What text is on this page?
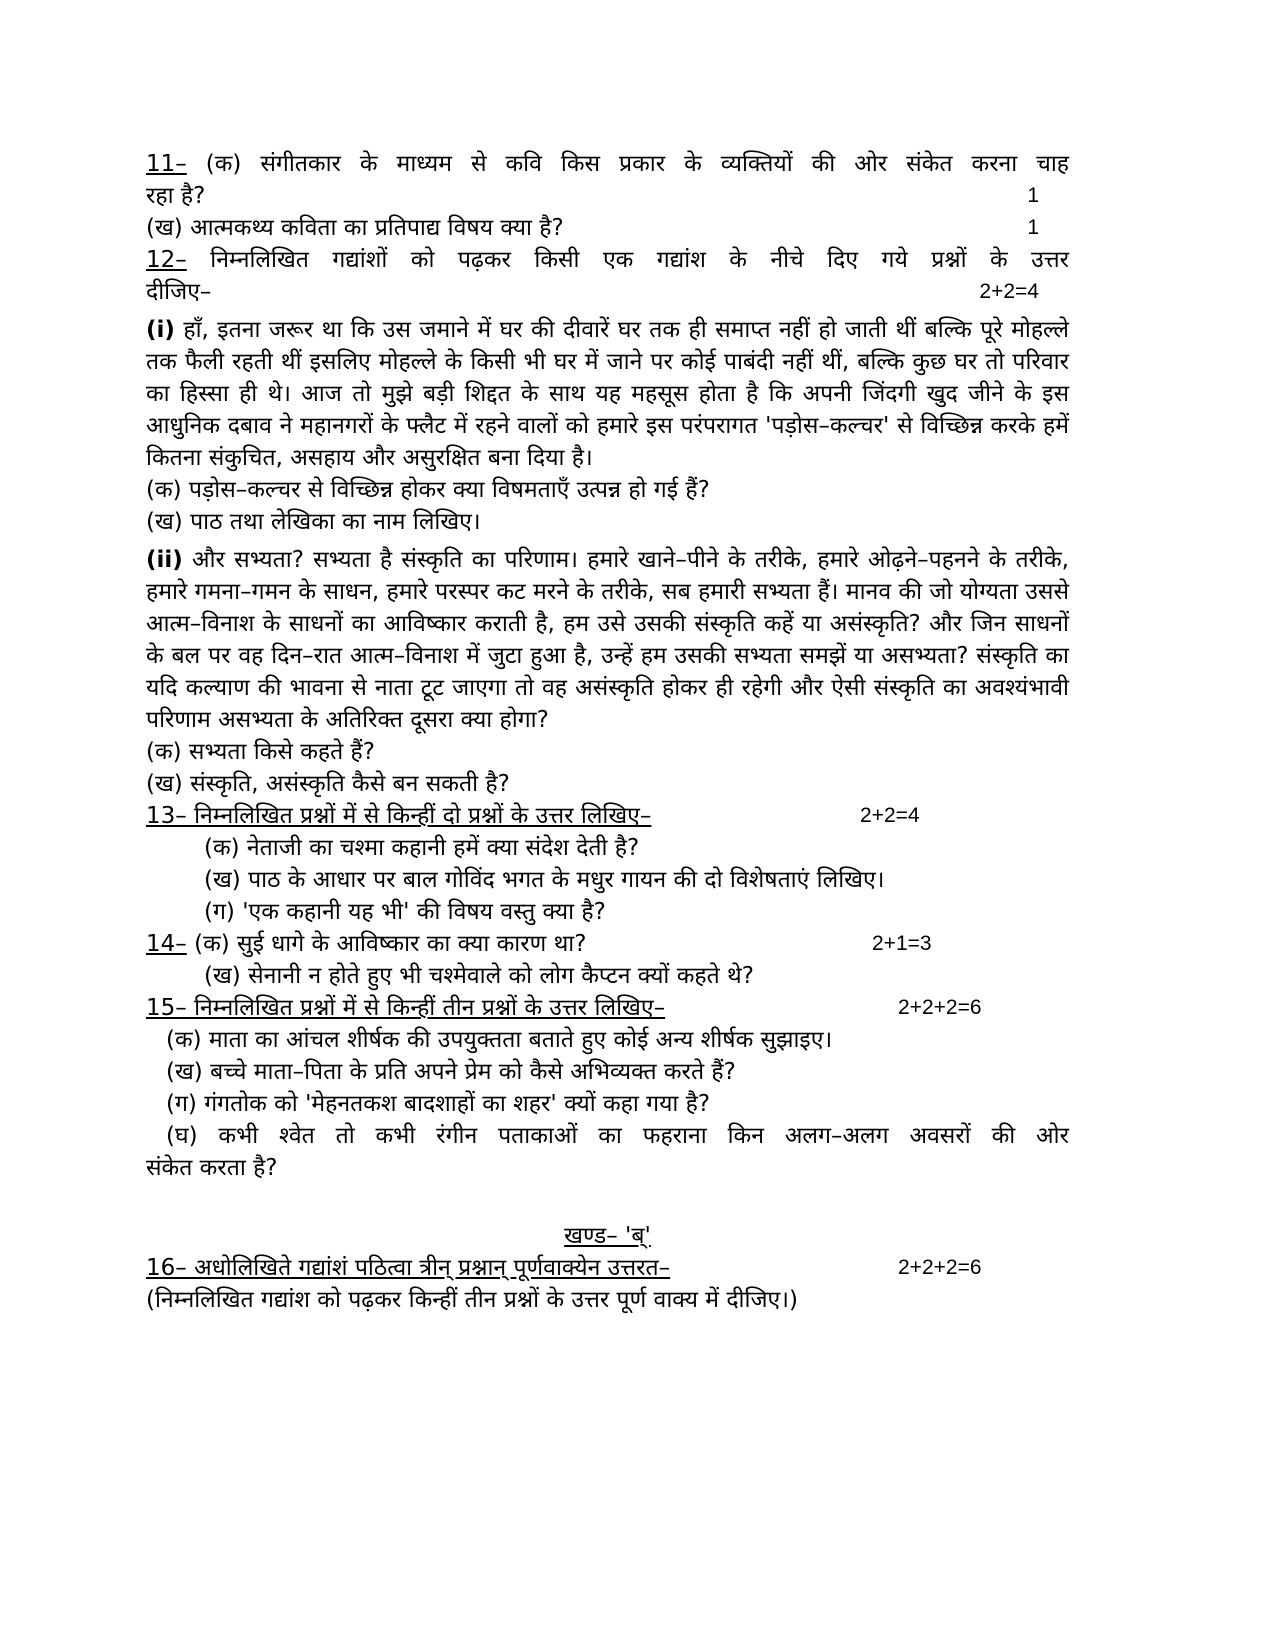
11– (क) संगीतकार के माध्यम से कवि किस प्रकार के व्यक्तियों की ओर संकेत करना चाह

रहा है?	1
(ख) आत्मकथ्य कविता का प्रतिपाद्य विषय क्या है?	1

12– निम्नलिखित गद्यांशों को पढ़कर किसी एक गद्यांश के नीचे दिए गये प्रश्नों के उत्तर

दीजिए–	2+2=4

(i) हाँ, इतना जरूर था कि उस जमाने में घर की दीवारें घर तक ही समाप्त नहीं हो जाती थीं बल्कि पूरे मोहल्ले तक फैली रहती थीं इसलिए मोहल्ले के किसी भी घर में जाने पर कोई पाबंदी नहीं थीं, बल्कि कुछ घर तो परिवार का हिस्सा ही थे। आज तो मुझे बड़ी शिद्दत के साथ यह महसूस होता है कि अपनी जिंदगी खुद जीने के इस आधुनिक दबाव ने महानगरों के फ्लैट में रहने वालों को हमारे इस परंपरागत 'पड़ोस–कल्चर' से विच्छिन्न करके हमें कितना संकुचित, असहाय और असुरक्षित बना दिया है।

(क) पड़ोस–कल्चर से विच्छिन्न होकर क्या विषमताएँ उत्पन्न हो गई हैं?

(ख) पाठ तथा लेखिका का नाम लिखिए।

(ii) और सभ्यता? सभ्यता है संस्कृति का परिणाम। हमारे खाने–पीने के तरीके, हमारे ओढ़ने–पहनने के तरीके, हमारे गमना–गमन के साधन, हमारे परस्पर कट मरने के तरीके, सब हमारी सभ्यता हैं। मानव की जो योग्यता उससे आत्म–विनाश के साधनों का आविष्कार कराती है, हम उसे उसकी संस्कृति कहें या असंस्कृति? और जिन साधनों के बल पर वह दिन–रात आत्म–विनाश में जुटा हुआ है, उन्हें हम उसकी सभ्यता समझें या असभ्यता? संस्कृति का यदि कल्याण की भावना से नाता टूट जाएगा तो वह असंस्कृति होकर ही रहेगी और ऐसी संस्कृति का अवश्यंभावी परिणाम असभ्यता के अतिरिक्त दूसरा क्या होगा?

(क) सभ्यता किसे कहते हैं?

(ख) संस्कृति, असंस्कृति कैसे बन सकती है?

13– निम्नलिखित प्रश्नों में से किन्हीं दो प्रश्नों के उत्तर लिखिए–	2+2=4

(क) नेताजी का चश्मा कहानी हमें क्या संदेश देती है?

(ख) पाठ के आधार पर बाल गोविंद भगत के मधुर गायन की दो विशेषताएं लिखिए।

(ग) 'एक कहानी यह भी' की विषय वस्तु क्या है?

14– (क) सुई धागे के आविष्कार का क्या कारण था?	2+1=3

(ख) सेनानी न होते हुए भी चश्मेवाले को लोग कैप्टन क्यों कहते थे?

15– निम्नलिखित प्रश्नों में से किन्हीं तीन प्रश्नों के उत्तर लिखिए–	2+2+2=6

(क) माता का आंचल शीर्षक की उपयुक्तता बताते हुए कोई अन्य शीर्षक सुझाइए।

(ख) बच्चे माता–पिता के प्रति अपने प्रेम को कैसे अभिव्यक्त करते हैं?

(ग) गंगतोक को 'मेहनतकश बादशाहों का शहर' क्यों कहा गया है?

(घ) कभी श्वेत तो कभी रंगीन पताकाओं का फहराना किन अलग–अलग अवसरों की ओर

संकेत करता है?

खण्ड– 'ब्'

16– अधोलिखिते गद्यांशं पठित्वा त्रीन् प्रश्नान् पूर्णवाक्येन उत्तरत–	2+2+2=6

(निम्नलिखित गद्यांश को पढ़कर किन्हीं तीन प्रश्नों के उत्तर पूर्ण वाक्य में दीजिए।)
